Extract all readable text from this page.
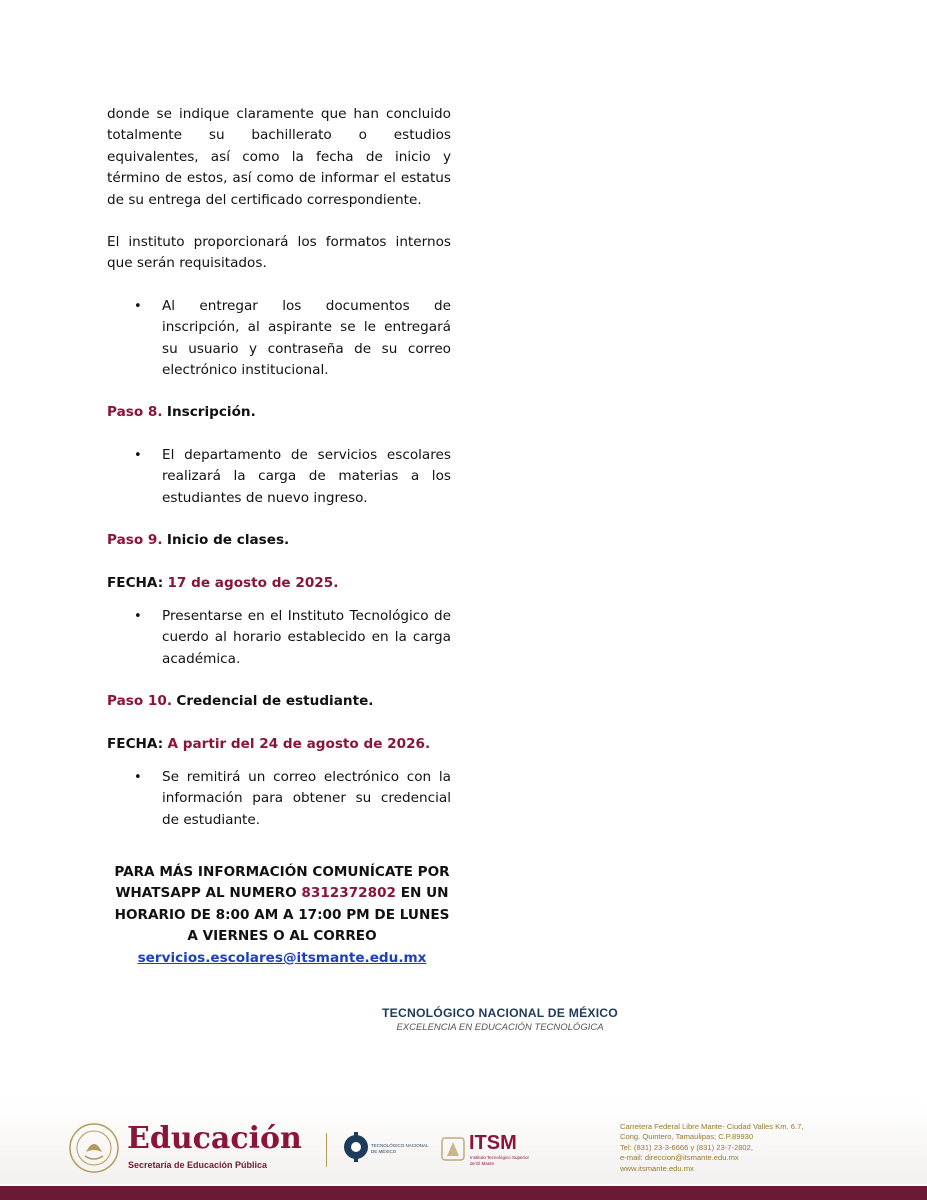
donde se indique claramente que han concluido totalmente su bachillerato o estudios equivalentes, así como la fecha de inicio y término de estos, así como de informar el estatus de su entrega del certificado correspondiente.

El instituto proporcionará los formatos internos que serán requisitados.

• Al entregar los documentos de inscripción, al aspirante se le entregará su usuario y contraseña de su correo electrónico institucional.

Paso 8. Inscripción.

• El departamento de servicios escolares realizará la carga de materias a los estudiantes de nuevo ingreso.

Paso 9. Inicio de clases.

FECHA: 17 de agosto de 2025.

• Presentarse en el Instituto Tecnológico de cuerdo al horario establecido en la carga académica.

Paso 10. Credencial de estudiante.

FECHA: A partir del 24 de agosto de 2026.

• Se remitirá un correo electrónico con la información para obtener su credencial de estudiante.
PARA MÁS INFORMACIÓN COMUNÍCATE POR WHATSAPP AL NUMERO 8312372802 EN UN HORARIO DE 8:00 AM A 17:00 PM DE LUNES A VIERNES O AL CORREO
servicios.escolares@itsmante.edu.mx
TECNOLÓGICO NACIONAL DE MÉXICO
EXCELENCIA EN EDUCACIÓN TECNOLÓGICA
Educación
Secretaría de Educación Pública
TECNOLÓGICO NACIONAL DE MÉXICO	ITSM
Instituto Tecnológico Superior de El Mante
Carretera Federal Libre Mante- Ciudad Valles Km. 6.7,
Cong. Quintero, Tamaulipas; C.P.89930
Tel: (831) 23-3-6666 y (831) 23-7-2802,
e-mail: direccion@itsmante.edu.mx
www.itsmante.edu.mx
